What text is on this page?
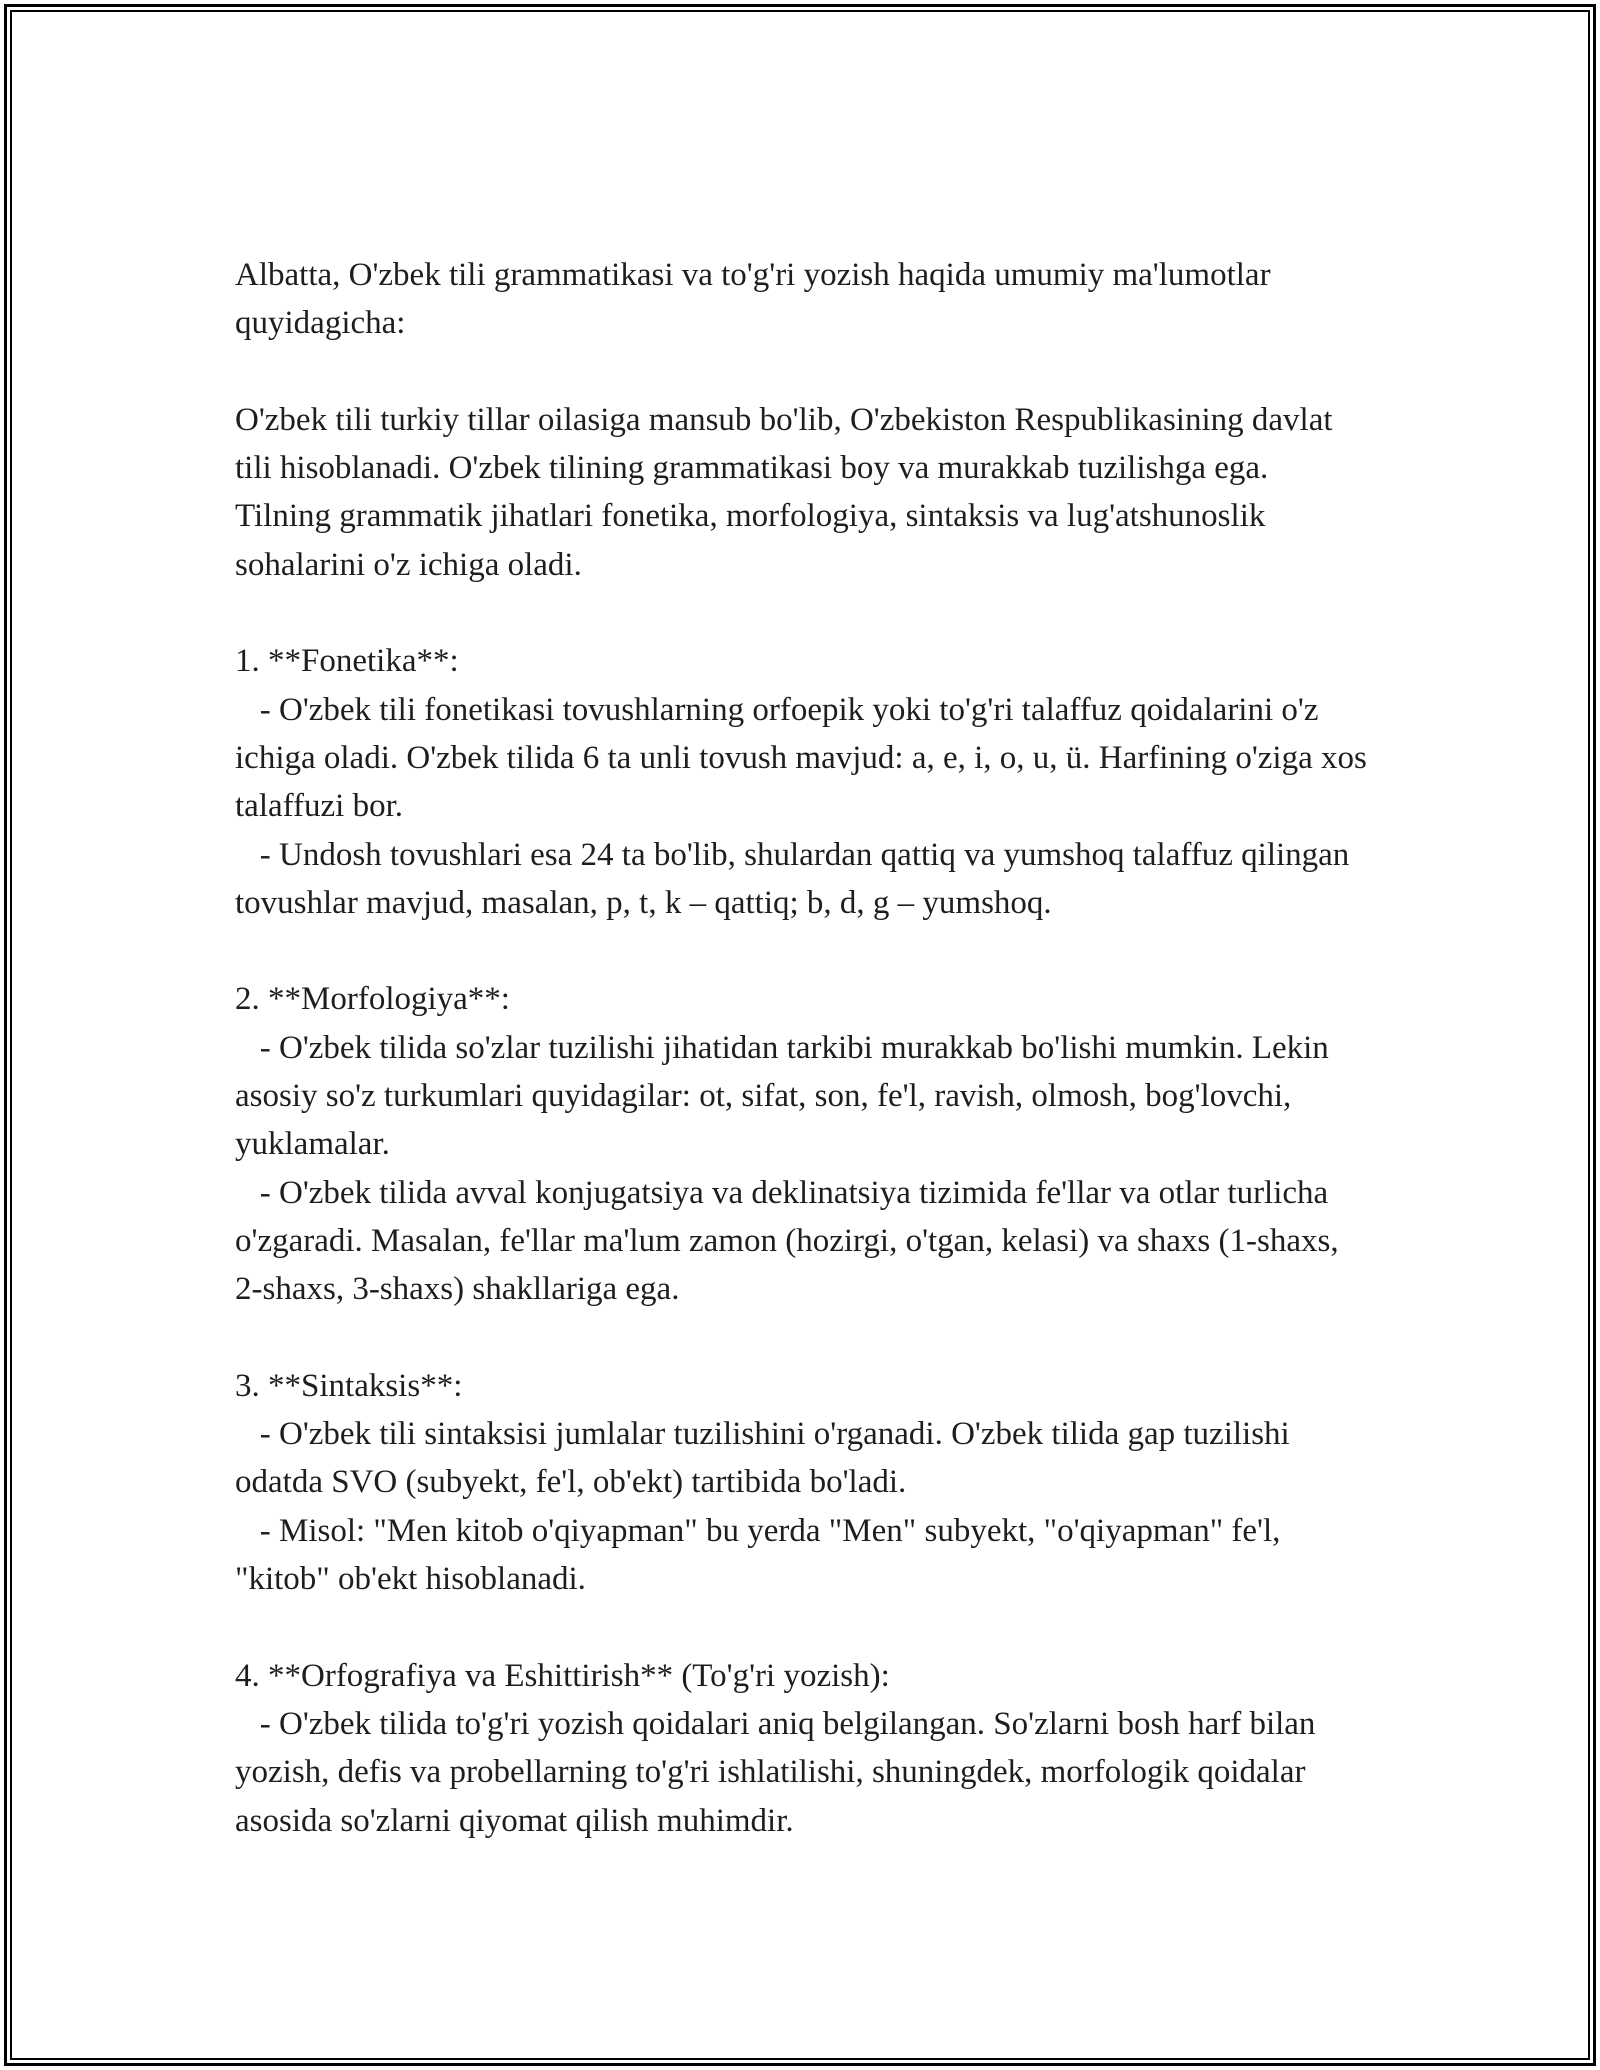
Albatta, O'zbek tili grammatikasi va to'g'ri yozish haqida umumiy ma'lumotlar quyidagicha:

O'zbek tili turkiy tillar oilasiga mansub bo'lib, O'zbekiston Respublikasining davlat tili hisoblanadi. O'zbek tilining grammatikasi boy va murakkab tuzilishga ega. Tilning grammatik jihatlari fonetika, morfologiya, sintaksis va lug'atshunoslik sohalarini o'z ichiga oladi.

1. **Fonetika**:

- O'zbek tili fonetikasi tovushlarning orfoepik yoki to'g'ri talaffuz qoidalarini o'z ichiga oladi. O'zbek tilida 6 ta unli tovush mavjud: a, e, i, o, u, ü. Harfining o'ziga xos talaffuzi bor.

- Undosh tovushlari esa 24 ta bo'lib, shulardan qattiq va yumshoq talaffuz qilingan tovushlar mavjud, masalan, p, t, k – qattiq; b, d, g – yumshoq.

2. **Morfologiya**:

- O'zbek tilida so'zlar tuzilishi jihatidan tarkibi murakkab bo'lishi mumkin. Lekin asosiy so'z turkumlari quyidagilar: ot, sifat, son, fe'l, ravish, olmosh, bog'lovchi, yuklamalar.

- O'zbek tilida avval konjugatsiya va deklinatsiya tizimida fe'llar va otlar turlicha o'zgaradi. Masalan, fe'llar ma'lum zamon (hozirgi, o'tgan, kelasi) va shaxs (1-shaxs, 2-shaxs, 3-shaxs) shakllariga ega.

3. **Sintaksis**:

- O'zbek tili sintaksisi jumlalar tuzilishini o'rganadi. O'zbek tilida gap tuzilishi odatda SVO (subyekt, fe'l, ob'ekt) tartibida bo'ladi.

- Misol: "Men kitob o'qiyapman" bu yerda "Men" subyekt, "o'qiyapman" fe'l, "kitob" ob'ekt hisoblanadi.

4. **Orfografiya va Eshittirish** (To'g'ri yozish):

- O'zbek tilida to'g'ri yozish qoidalari aniq belgilangan. So'zlarni bosh harf bilan yozish, defis va probellarning to'g'ri ishlatilishi, shuningdek, morfologik qoidalar asosida so'zlarni qiyomat qilish muhimdir.
